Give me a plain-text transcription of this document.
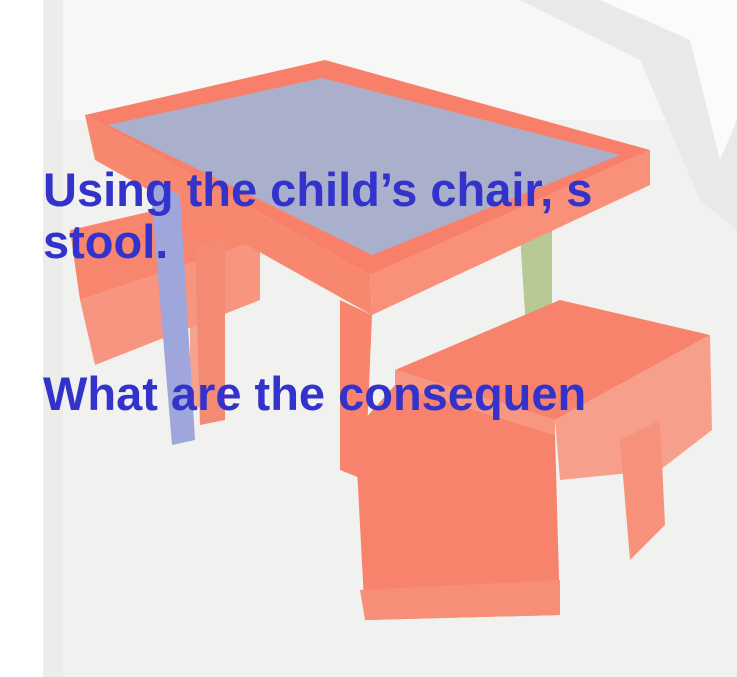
Using the child’s chair, s

stool.

What are the consequen
